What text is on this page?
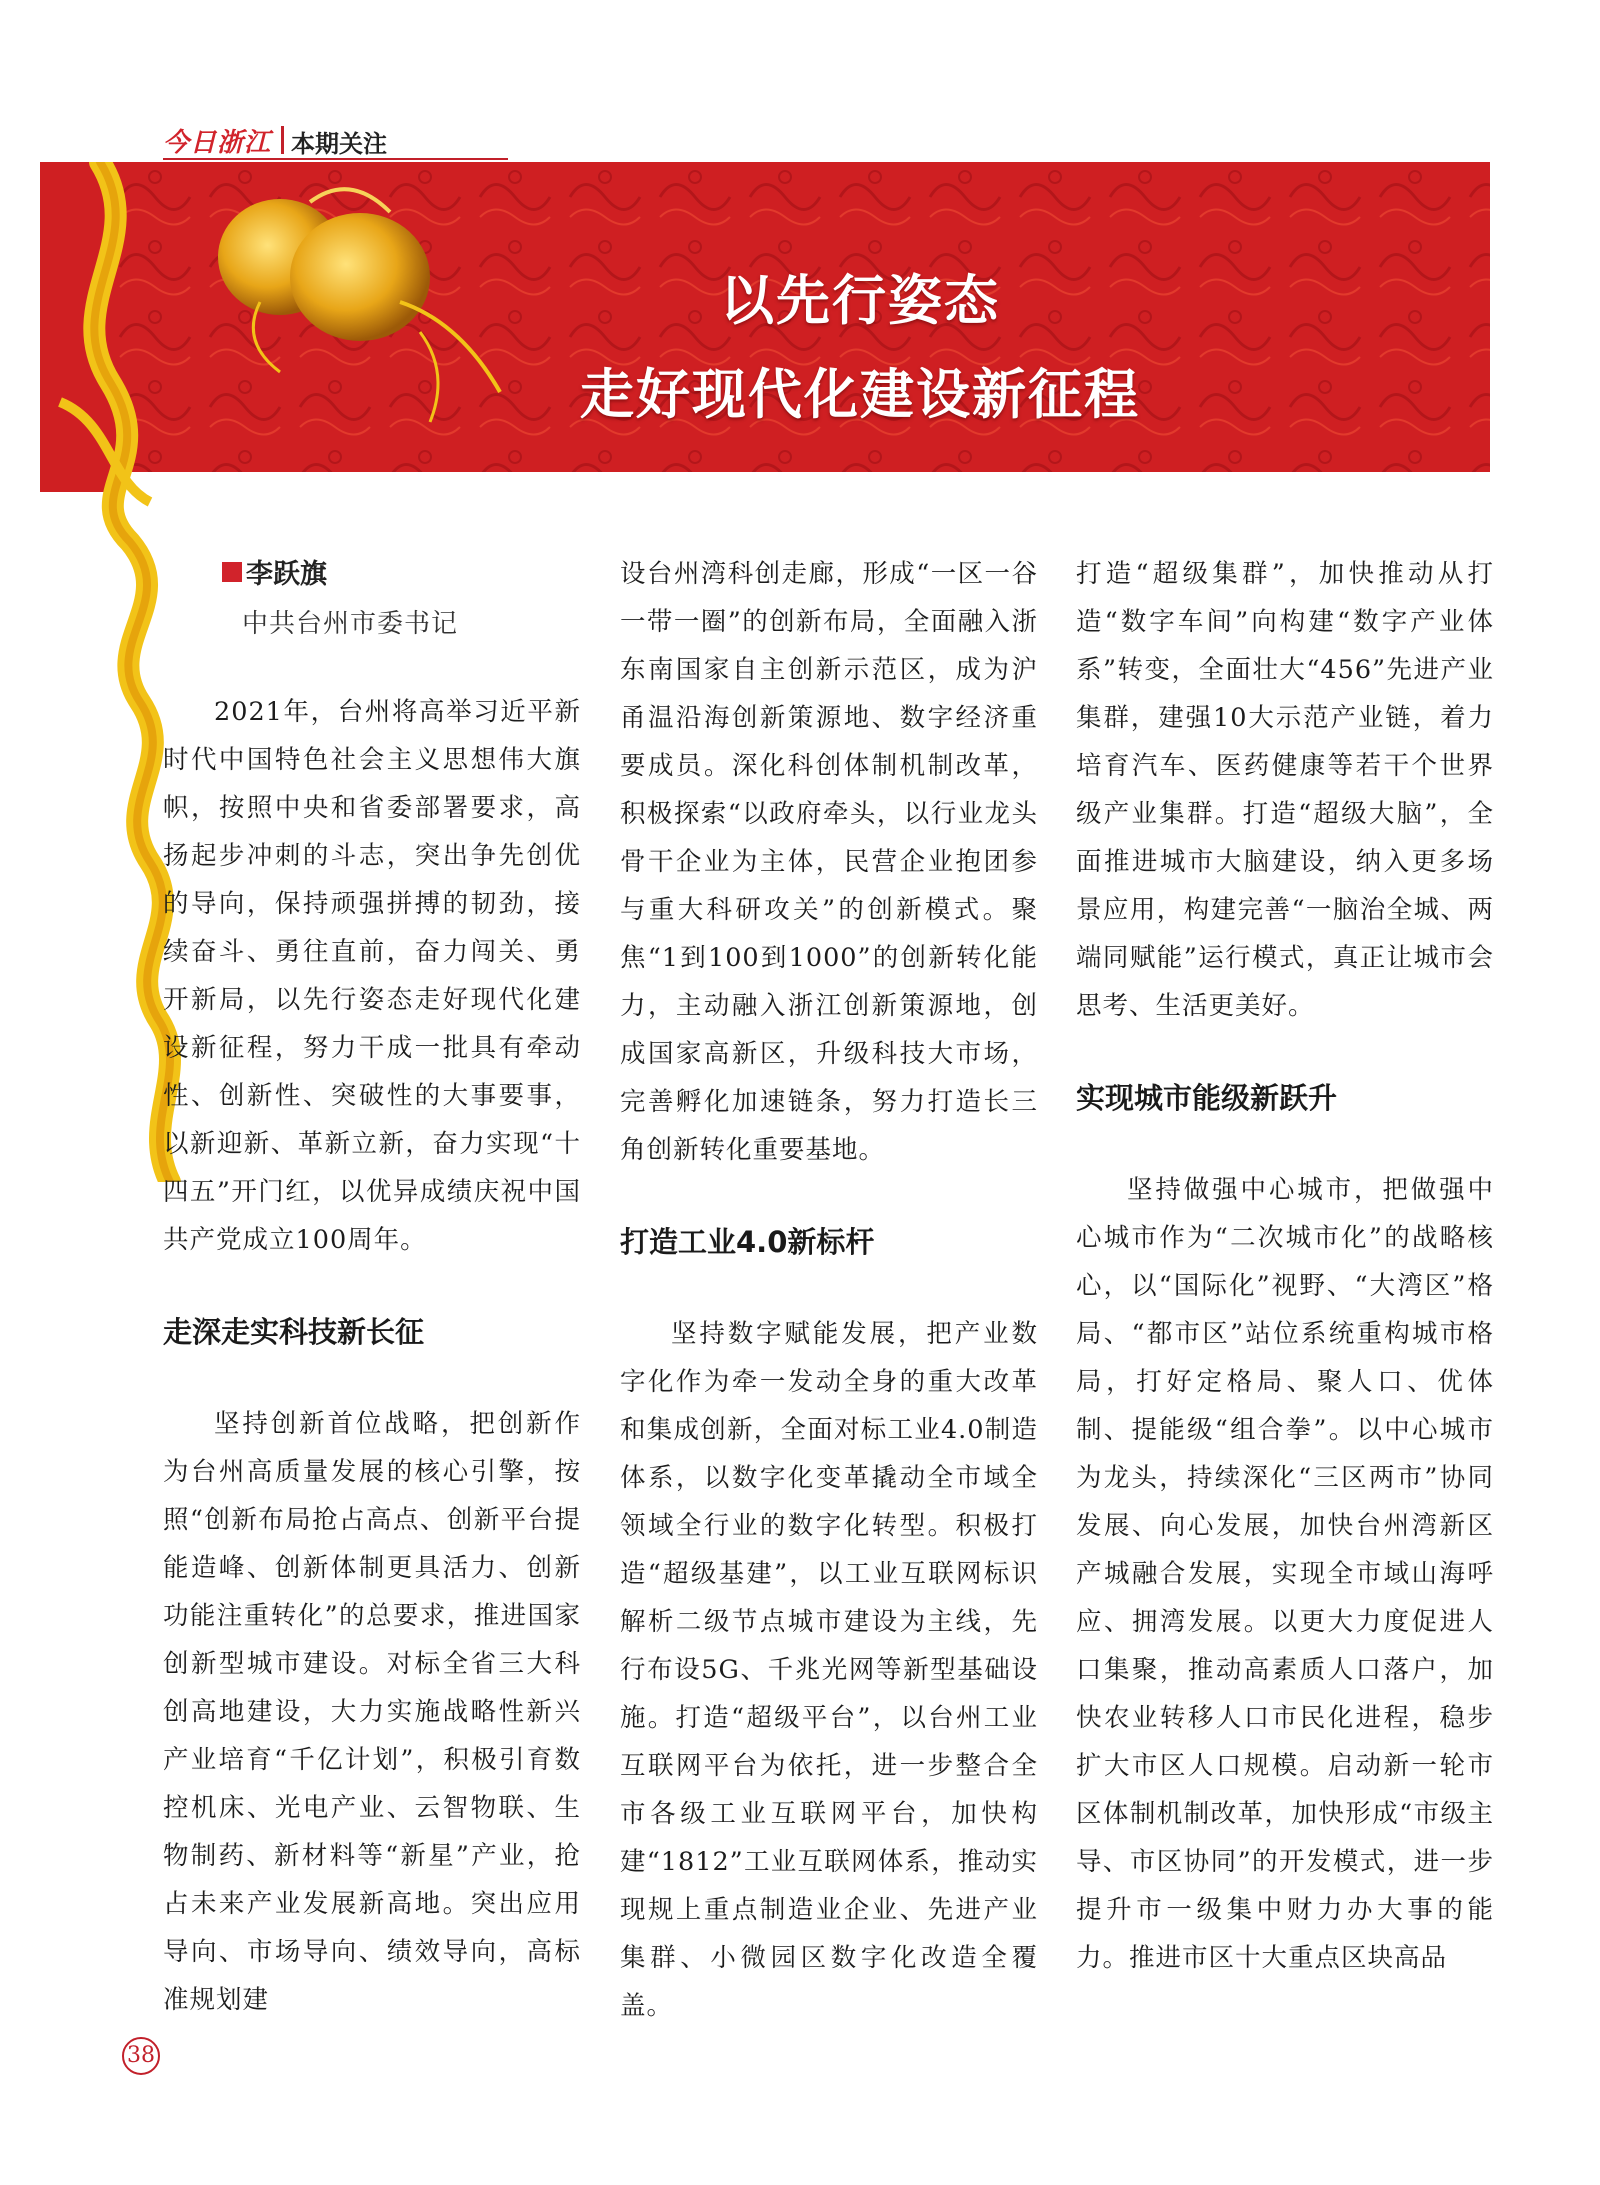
今日浙江 本期关注
以先行姿态
走好现代化建设新征程
李跃旗
中共台州市委书记

2021年，台州将高举习近平新时代中国特色社会主义思想伟大旗帜，按照中央和省委部署要求，高扬起步冲刺的斗志，突出争先创优的导向，保持顽强拼搏的韧劲，接续奋斗、勇往直前，奋力闯关、勇开新局，以先行姿态走好现代化建设新征程，努力干成一批具有牵动性、创新性、突破性的大事要事，以新迎新、革新立新，奋力实现“十四五”开门红，以优异成绩庆祝中国共产党成立100周年。

走深走实科技新长征

坚持创新首位战略，把创新作为台州高质量发展的核心引擎，按照“创新布局抢占高点、创新平台提能造峰、创新体制更具活力、创新功能注重转化”的总要求，推进国家创新型城市建设。对标全省三大科创高地建设，大力实施战略性新兴产业培育“千亿计划”，积极引育数控机床、光电产业、云智物联、生物制药、新材料等“新星”产业，抢占未来产业发展新高地。突出应用导向、市场导向、绩效导向，高标准规划建

设台州湾科创走廊，形成“一区一谷一带一圈”的创新布局，全面融入浙东南国家自主创新示范区，成为沪甬温沿海创新策源地、数字经济重要成员。深化科创体制机制改革，积极探索“以政府牵头，以行业龙头骨干企业为主体，民营企业抱团参与重大科研攻关”的创新模式。聚焦“1到100到1000”的创新转化能力，主动融入浙江创新策源地，创成国家高新区，升级科技大市场，完善孵化加速链条，努力打造长三角创新转化重要基地。

打造工业4.0新标杆

坚持数字赋能发展，把产业数字化作为牵一发动全身的重大改革和集成创新，全面对标工业4.0制造体系，以数字化变革撬动全市域全领域全行业的数字化转型。积极打造“超级基建”，以工业互联网标识解析二级节点城市建设为主线，先行布设5G、千兆光网等新型基础设施。打造“超级平台”，以台州工业互联网平台为依托，进一步整合全市各级工业互联网平台，加快构建“1812”工业互联网体系，推动实现规上重点制造业企业、先进产业集群、小微园区数字化改造全覆盖。

打造“超级集群”，加快推动从打造“数字车间”向构建“数字产业体系”转变，全面壮大“456”先进产业集群，建强10大示范产业链，着力培育汽车、医药健康等若干个世界级产业集群。打造“超级大脑”，全面推进城市大脑建设，纳入更多场景应用，构建完善“一脑治全城、两端同赋能”运行模式，真正让城市会思考、生活更美好。

实现城市能级新跃升

坚持做强中心城市，把做强中心城市作为“二次城市化”的战略核心，以“国际化”视野、“大湾区”格局、“都市区”站位系统重构城市格局，打好定格局、聚人口、优体制、提能级“组合拳”。以中心城市为龙头，持续深化“三区两市”协同发展、向心发展，加快台州湾新区产城融合发展，实现全市域山海呼应、拥湾发展。以更大力度促进人口集聚，推动高素质人口落户，加快农业转移人口市民化进程，稳步扩大市区人口规模。启动新一轮市区体制机制改革，加快形成“市级主导、市区协同”的开发模式，进一步提升市一级集中财力办大事的能力。推进市区十大重点区块高品

38
